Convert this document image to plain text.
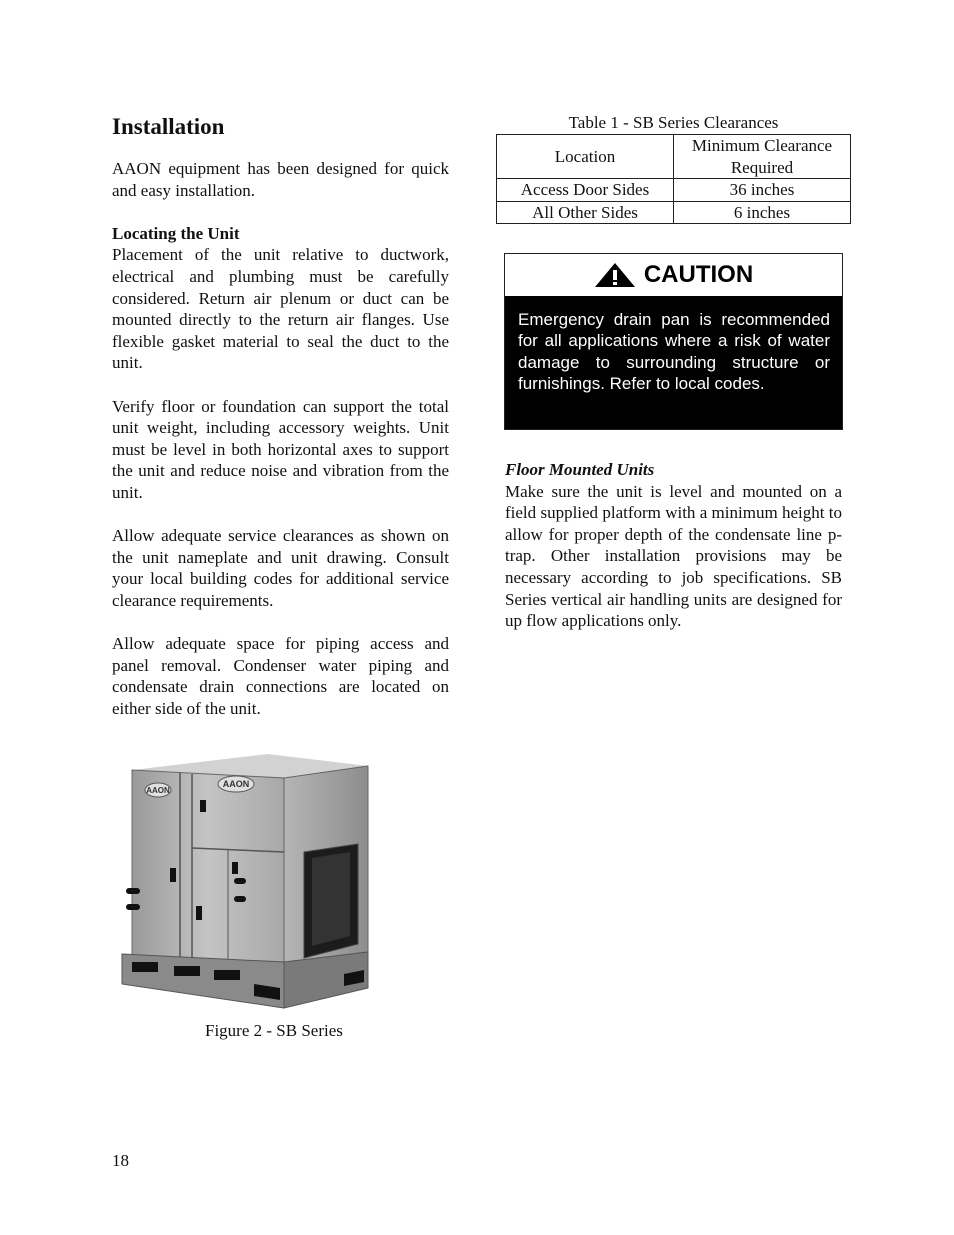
Installation

AAON equipment has been designed for quick and easy installation.

Locating the Unit

Placement of the unit relative to ductwork, electrical and plumbing must be carefully considered. Return air plenum or duct can be mounted directly to the return air flanges. Use flexible gasket material to seal the duct to the unit.

Verify floor or foundation can support the total unit weight, including accessory weights. Unit must be level in both horizontal axes to support the unit and reduce noise and vibration from the unit.

Allow adequate service clearances as shown on the unit nameplate and unit drawing. Consult your local building codes for additional service clearance requirements.

Allow adequate space for piping access and panel removal. Condenser water piping and condensate drain connections are located on either side of the unit.

Table 1 - SB Series Clearances
Location	Minimum Clearance Required
Access Door Sides	36 inches
All Other Sides	6 inches
CAUTION
Emergency drain pan is recommended for all applications where a risk of water damage to surrounding structure or furnishings. Refer to local codes.
Floor Mounted Units

Make sure the unit is level and mounted on a field supplied platform with a minimum height to allow for proper depth of the condensate line p-trap. Other installation provisions may be necessary according to job specifications. SB Series vertical air handling units are designed for up flow applications only.

AAON
AAON
Figure 2 - SB Series
18
